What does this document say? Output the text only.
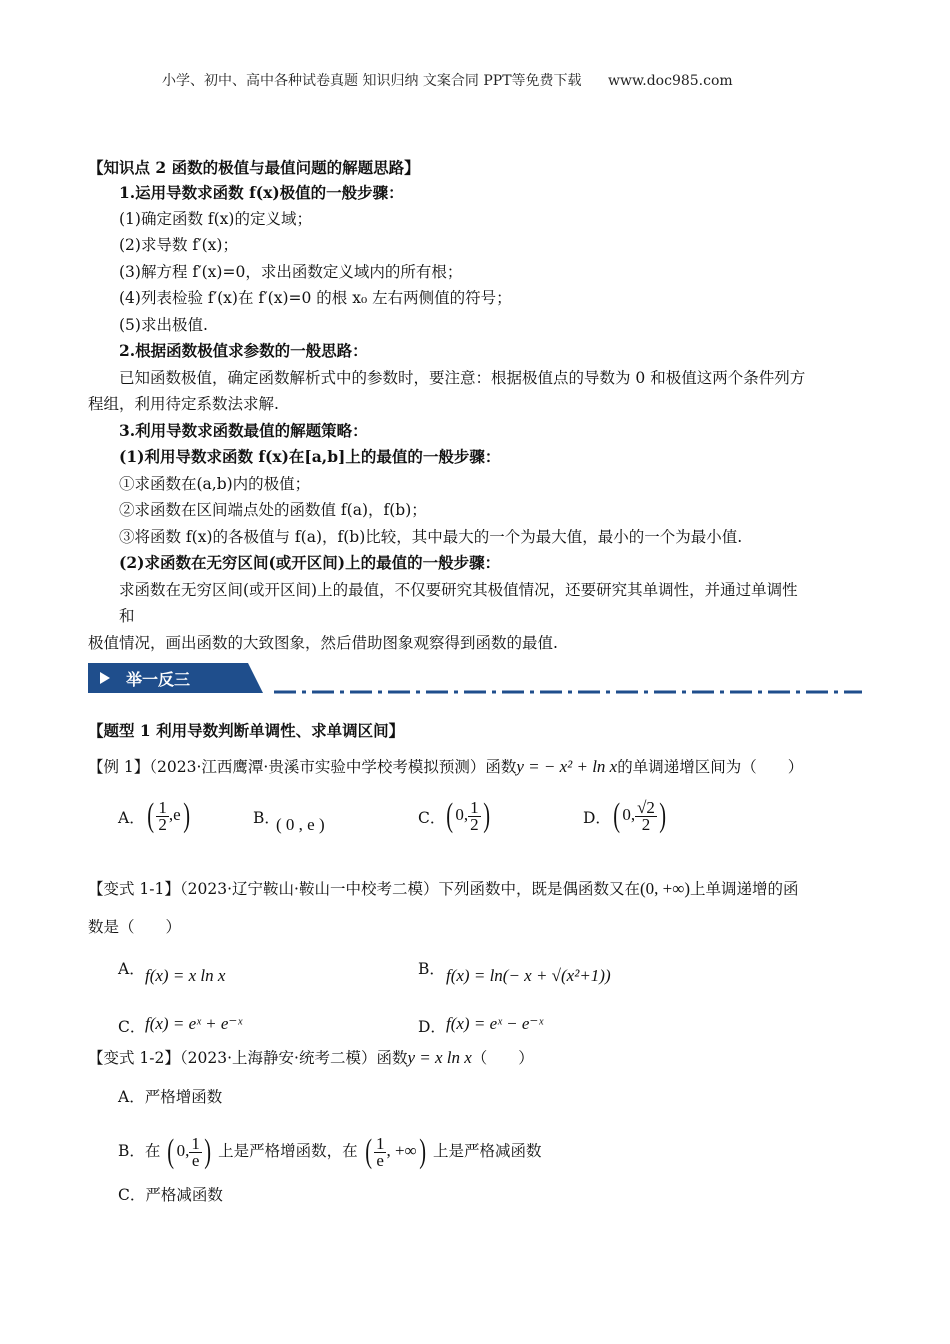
小学、初中、高中各种试卷真题 知识归纳 文案合同 PPT等免费下载 www.doc985.com
【知识点 2 函数的极值与最值问题的解题思路】
1.运用导数求函数 f(x)极值的一般步骤：
(1)确定函数 f(x)的定义域；
(2)求导数 f′(x)；
(3)解方程 f′(x)=0，求出函数定义域内的所有根；
(4)列表检验 f′(x)在 f′(x)=0 的根 x₀ 左右两侧值的符号；
(5)求出极值.
2.根据函数极值求参数的一般思路：
已知函数极值，确定函数解析式中的参数时，要注意：根据极值点的导数为 0 和极值这两个条件列方
程组，利用待定系数法求解.
3.利用导数求函数最值的解题策略：
(1)利用导数求函数 f(x)在[a,b]上的最值的一般步骤：
①求函数在(a,b)内的极值；
②求函数在区间端点处的函数值 f(a)，f(b)；
③将函数 f(x)的各极值与 f(a)，f(b)比较，其中最大的一个为最大值，最小的一个为最小值.
(2)求函数在无穷区间(或开区间)上的最值的一般步骤：
求函数在无穷区间(或开区间)上的最值，不仅要研究其极值情况，还要研究其单调性，并通过单调性
和
极值情况，画出函数的大致图象，然后借助图象观察得到函数的最值.
举一反三
【题型 1 利用导数判断单调性、求单调区间】
【例 1】（2023·江西鹰潭·贵溪市实验中学校考模拟预测）函数y = − x² + ln x的单调递增区间为（　　）
A． ( $\frac{1}{2} ,e$)	B．
( 0 , e )	C． ( 0, $\frac{1}{2}$ )	D． ( 0, $\frac{√2}{2}$ )
【变式 1-1】（2023·辽宁鞍山·鞍山一中校考二模）下列函数中，既是偶函数又在(0, +∞)上单调递增的函
数是（　　）
A． f(x) = x ln x	B． f(x) = ln(− x + √(x²+1))
C． f(x) = eˣ + e⁻ˣ	D． f(x) = eˣ − e⁻ˣ
【变式 1-2】（2023·上海静安·统考二模）函数y = x ln x（　　）
A．严格增函数
B．在 ( 0, $\frac{1}{e}$ ) 上是严格增函数，在 ( $\frac{1}{e}$ , +∞) 上是严格减函数
C．严格减函数
